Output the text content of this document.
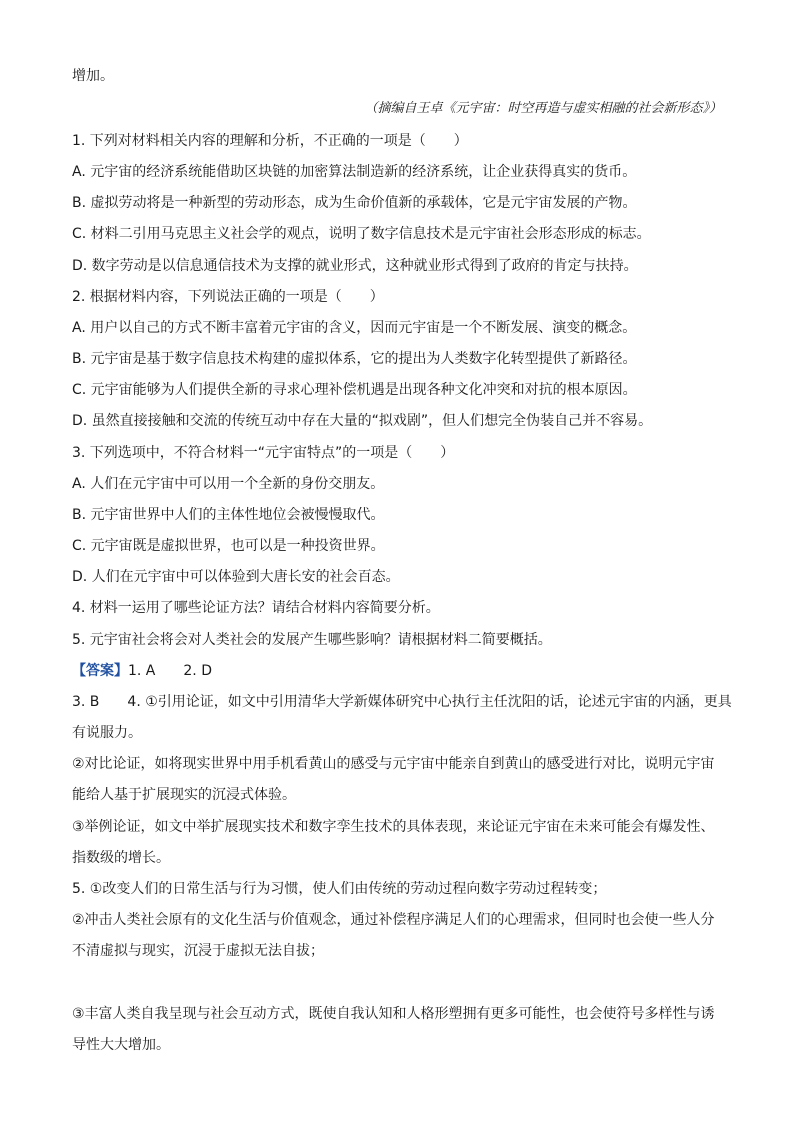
增加。
（摘编自王卓《元宇宙：时空再造与虚实相融的社会新形态》）
1. 下列对材料相关内容的理解和分析，不正确的一项是（　　）
A. 元宇宙的经济系统能借助区块链的加密算法制造新的经济系统，让企业获得真实的货币。
B. 虚拟劳动将是一种新型的劳动形态，成为生命价值新的承载体，它是元宇宙发展的产物。
C. 材料二引用马克思主义社会学的观点，说明了数字信息技术是元宇宙社会形态形成的标志。
D. 数字劳动是以信息通信技术为支撑的就业形式，这种就业形式得到了政府的肯定与扶持。
2. 根据材料内容，下列说法正确的一项是（　　）
A. 用户以自己的方式不断丰富着元宇宙的含义，因而元宇宙是一个不断发展、演变的概念。
B. 元宇宙是基于数字信息技术构建的虚拟体系，它的提出为人类数字化转型提供了新路径。
C. 元宇宙能够为人们提供全新的寻求心理补偿机遇是出现各种文化冲突和对抗的根本原因。
D. 虽然直接接触和交流的传统互动中存在大量的“拟戏剧”，但人们想完全伪装自己并不容易。
3. 下列选项中，不符合材料一“元宇宙特点”的一项是（　　）
A. 人们在元宇宙中可以用一个全新的身份交朋友。
B. 元宇宙世界中人们的主体性地位会被慢慢取代。
C. 元宇宙既是虚拟世界，也可以是一种投资世界。
D. 人们在元宇宙中可以体验到大唐长安的社会百态。
4. 材料一运用了哪些论证方法？请结合材料内容简要分析。
5. 元宇宙社会将会对人类社会的发展产生哪些影响？请根据材料二简要概括。
【答案】1. A 2. D
3. B 4. ①引用论证，如文中引用清华大学新媒体研究中心执行主任沈阳的话，论述元宇宙的内涵，更具
有说服力。
②对比论证，如将现实世界中用手机看黄山的感受与元宇宙中能亲自到黄山的感受进行对比，说明元宇宙
能给人基于扩展现实的沉浸式体验。
③举例论证，如文中举扩展现实技术和数字孪生技术的具体表现，来论证元宇宙在未来可能会有爆发性、
指数级的增长。
5. ①改变人们的日常生活与行为习惯，使人们由传统的劳动过程向数字劳动过程转变；
②冲击人类社会原有的文化生活与价值观念，通过补偿程序满足人们的心理需求，但同时也会使一些人分
不清虚拟与现实，沉浸于虚拟无法自拔；
③丰富人类自我呈现与社会互动方式，既使自我认知和人格形塑拥有更多可能性，也会使符号多样性与诱
导性大大增加。
